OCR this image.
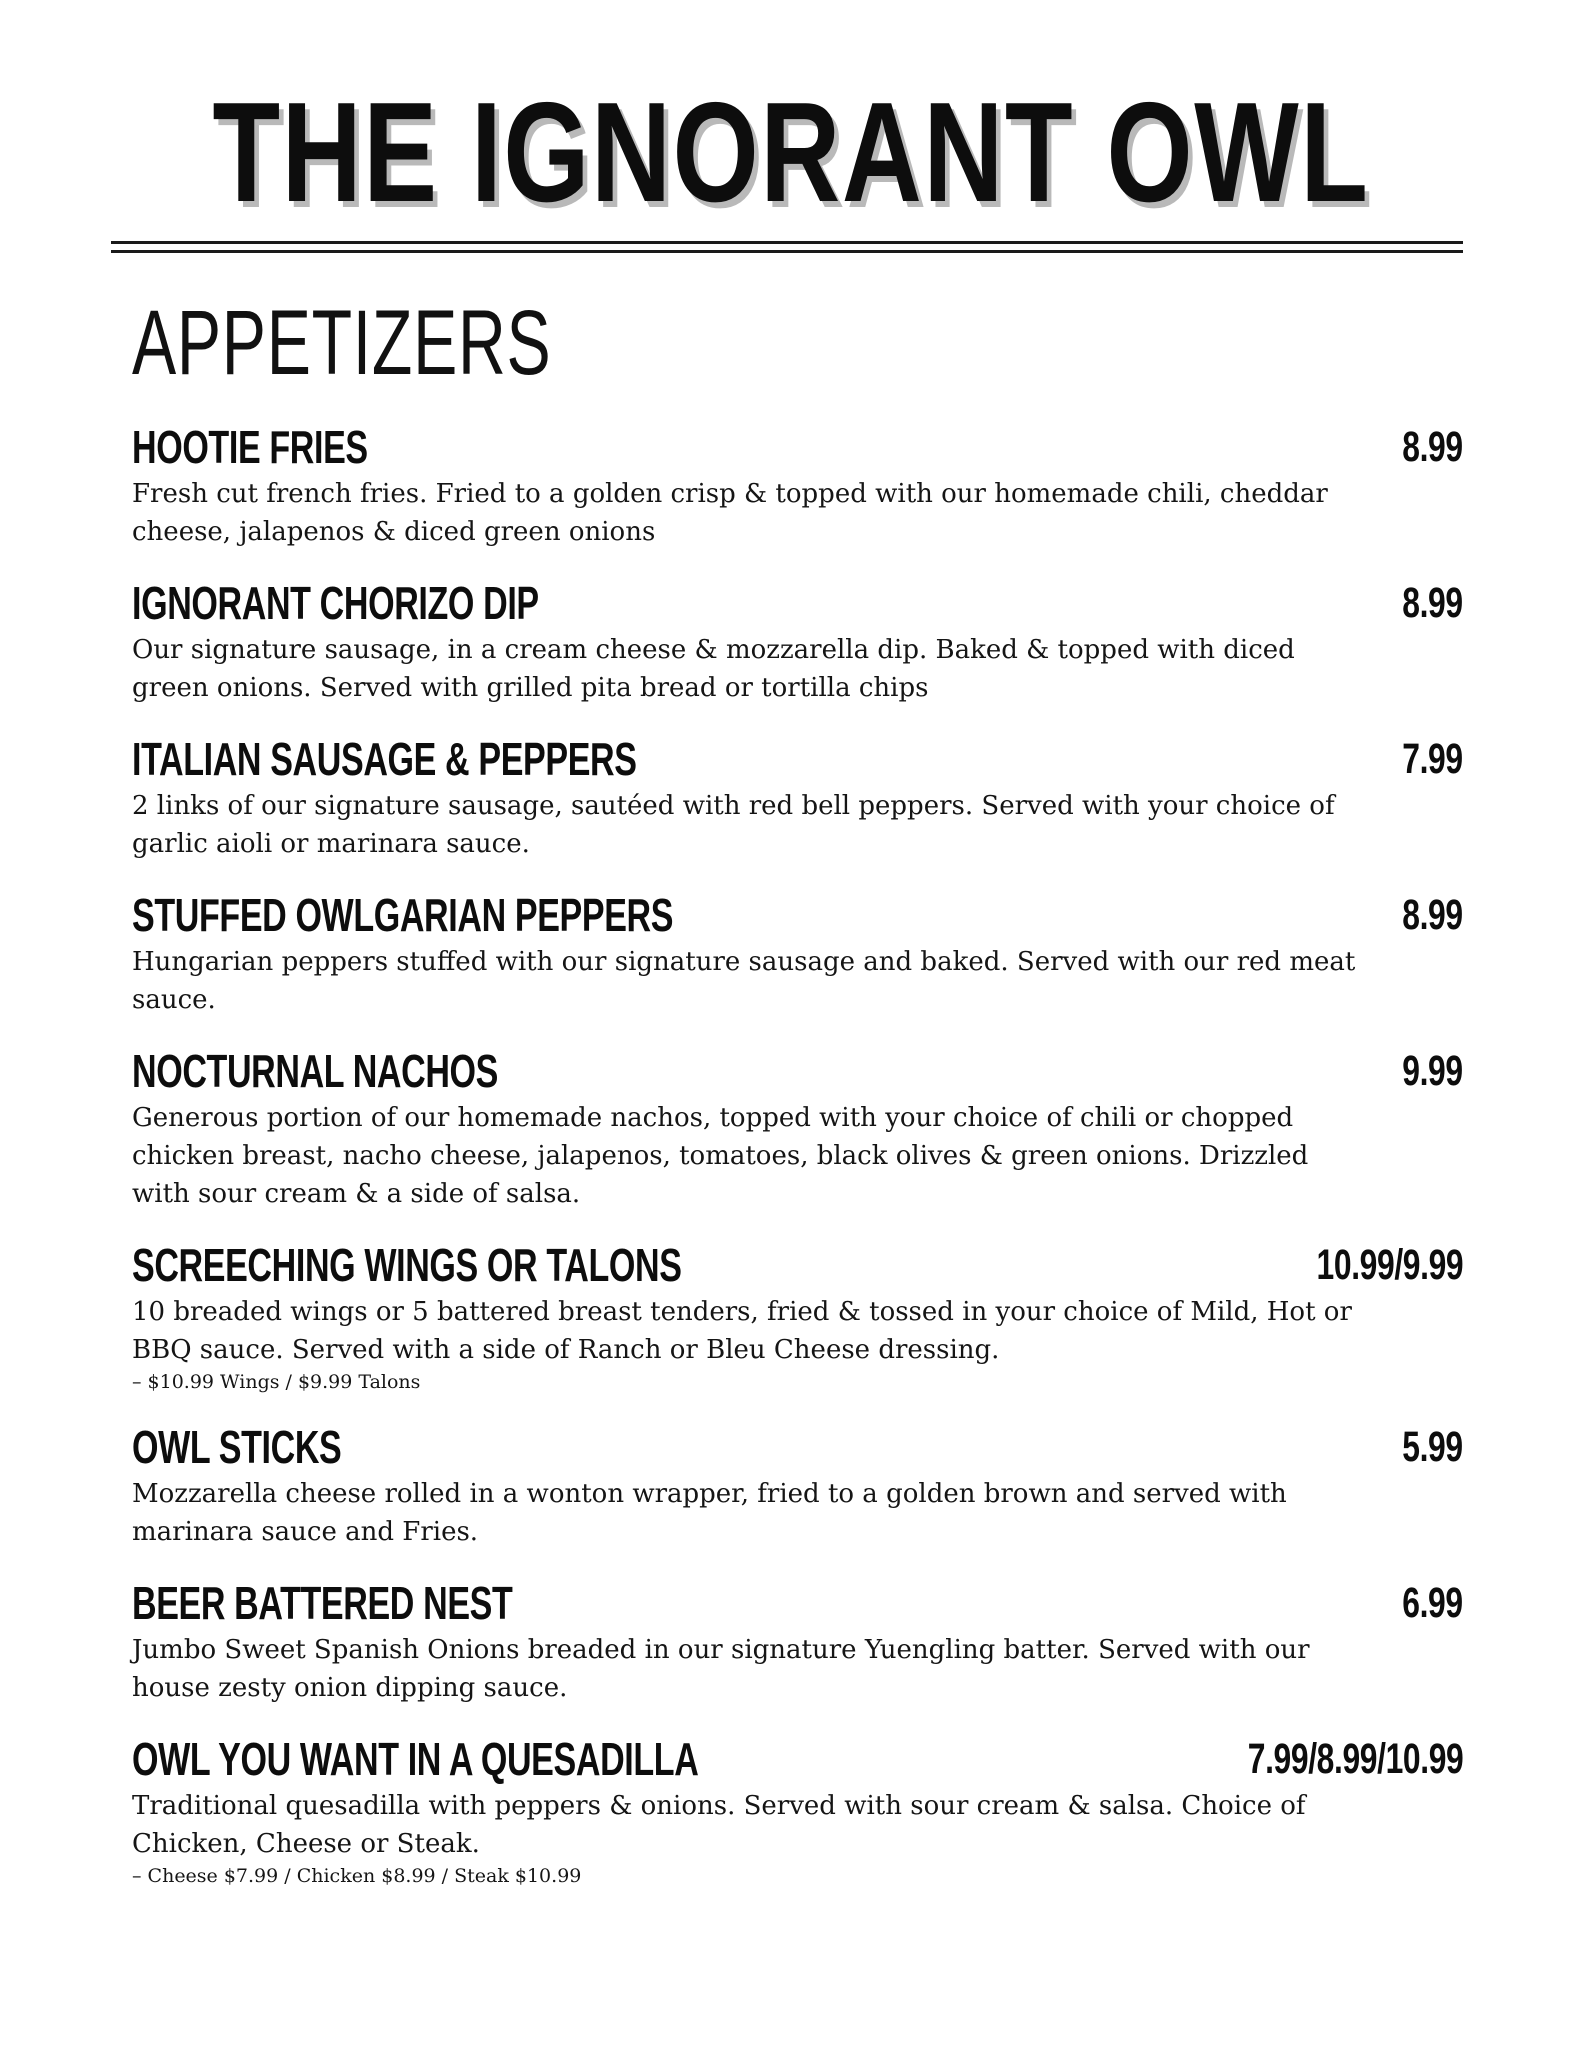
THE IGNORANT OWL
APPETIZERS
HOOTIE FRIES	8.99
Fresh cut french fries. Fried to a golden crisp & topped with our homemade chili, cheddar cheese, jalapenos & diced green onions
IGNORANT CHORIZO DIP	8.99
Our signature sausage, in a cream cheese & mozzarella dip. Baked & topped with diced green onions. Served with grilled pita bread or tortilla chips
ITALIAN SAUSAGE & PEPPERS	7.99
2 links of our signature sausage, sautéed with red bell peppers. Served with your choice of garlic aioli or marinara sauce.
STUFFED OWLGARIAN PEPPERS	8.99
Hungarian peppers stuffed with our signature sausage and baked. Served with our red meat sauce.
NOCTURNAL NACHOS	9.99
Generous portion of our homemade nachos, topped with your choice of chili or chopped chicken breast, nacho cheese, jalapenos, tomatoes, black olives & green onions. Drizzled with sour cream & a side of salsa.
SCREECHING WINGS OR TALONS	10.99/9.99
10 breaded wings or 5 battered breast tenders, fried & tossed in your choice of Mild, Hot or BBQ sauce. Served with a side of Ranch or Bleu Cheese dressing.
– $10.99 Wings / $9.99 Talons
OWL STICKS	5.99
Mozzarella cheese rolled in a wonton wrapper, fried to a golden brown and served with marinara sauce and Fries.
BEER BATTERED NEST	6.99
Jumbo Sweet Spanish Onions breaded in our signature Yuengling batter. Served with our house zesty onion dipping sauce.
OWL YOU WANT IN A QUESADILLA	7.99/8.99/10.99
Traditional quesadilla with peppers & onions. Served with sour cream & salsa. Choice of Chicken, Cheese or Steak.
– Cheese $7.99 / Chicken $8.99 / Steak $10.99
